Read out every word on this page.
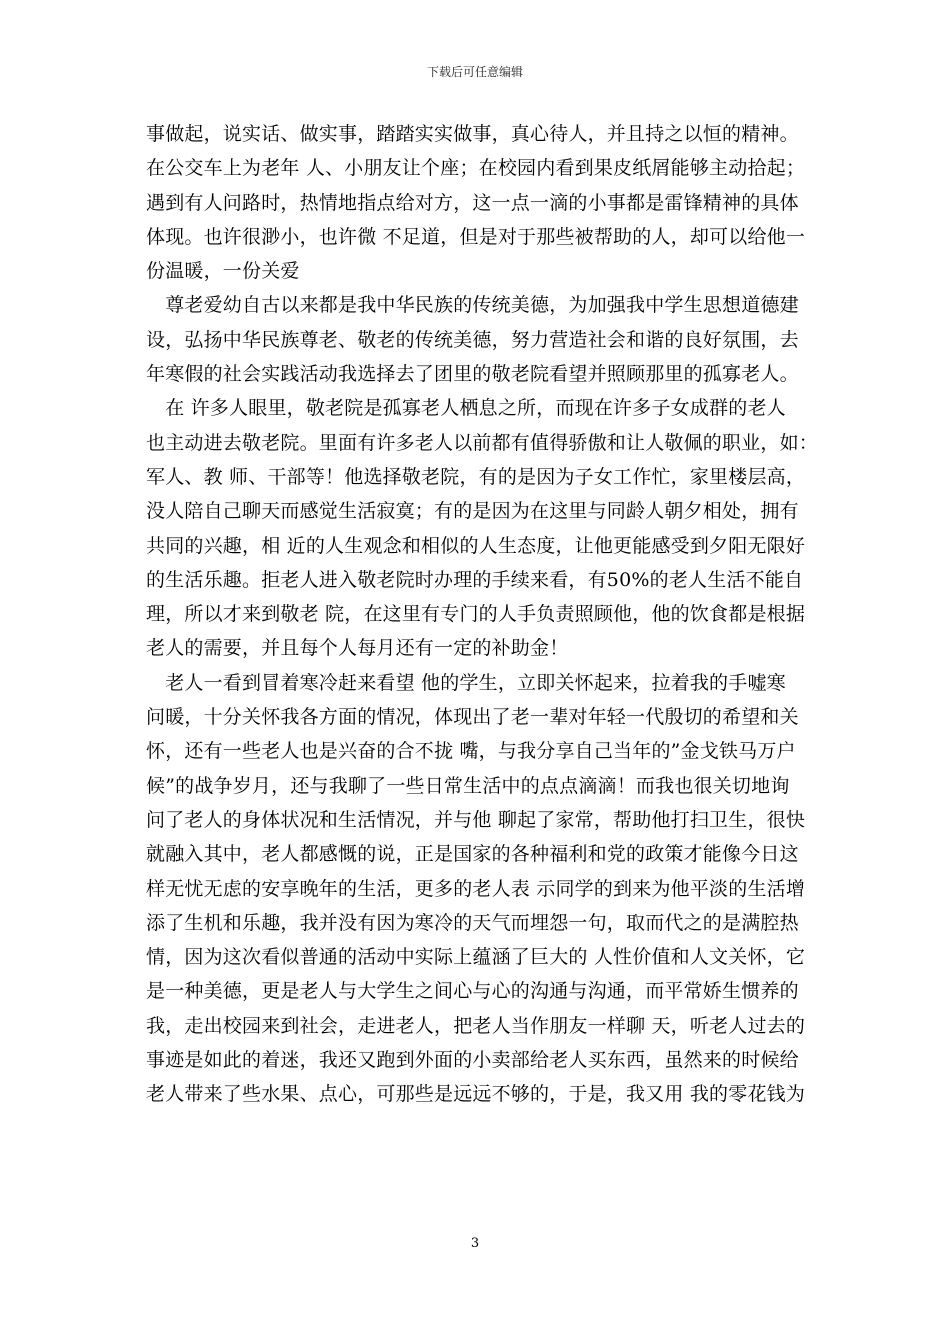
下载后可任意编辑
事做起，说实话、做实事，踏踏实实做事，真心待人，并且持之以恒的精神。
在公交车上为老年 人、小朋友让个座；在校园内看到果皮纸屑能够主动拾起；
遇到有人问路时，热情地指点给对方，这一点一滴的小事都是雷锋精神的具体
体现。也许很渺小，也许微 不足道，但是对于那些被帮助的人，却可以给他一
份温暖，一份关爱
　尊老爱幼自古以来都是我中华民族的传统美德，为加强我中学生思想道德建
设，弘扬中华民族尊老、敬老的传统美德，努力营造社会和谐的良好氛围，去
年寒假的社会实践活动我选择去了团里的敬老院看望并照顾那里的孤寡老人。
　在 许多人眼里，敬老院是孤寡老人栖息之所，而现在许多子女成群的老人
也主动进去敬老院。里面有许多老人以前都有值得骄傲和让人敬佩的职业，如：
军人、教 师、干部等！他选择敬老院，有的是因为子女工作忙，家里楼层高，
没人陪自己聊天而感觉生活寂寞；有的是因为在这里与同龄人朝夕相处，拥有
共同的兴趣，相 近的人生观念和相似的人生态度，让他更能感受到夕阳无限好
的生活乐趣。拒老人进入敬老院时办理的手续来看，有50%的老人生活不能自
理，所以才来到敬老 院，在这里有专门的人手负责照顾他，他的饮食都是根据
老人的需要，并且每个人每月还有一定的补助金！
　老人一看到冒着寒冷赶来看望 他的学生，立即关怀起来，拉着我的手嘘寒
问暖，十分关怀我各方面的情况，体现出了老一辈对年轻一代殷切的希望和关
怀，还有一些老人也是兴奋的合不拢 嘴，与我分享自己当年的”金戈铁马万户
候”的战争岁月，还与我聊了一些日常生活中的点点滴滴！而我也很关切地询
问了老人的身体状况和生活情况，并与他 聊起了家常，帮助他打扫卫生，很快
就融入其中，老人都感慨的说，正是国家的各种福利和党的政策才能像今日这
样无忧无虑的安享晚年的生活，更多的老人表 示同学的到来为他平淡的生活增
添了生机和乐趣，我并没有因为寒冷的天气而埋怨一句，取而代之的是满腔热
情，因为这次看似普通的活动中实际上蕴涵了巨大的 人性价值和人文关怀，它
是一种美德，更是老人与大学生之间心与心的沟通与沟通，而平常娇生惯养的
我，走出校园来到社会，走进老人，把老人当作朋友一样聊 天，听老人过去的
事迹是如此的着迷，我还又跑到外面的小卖部给老人买东西，虽然来的时候给
老人带来了些水果、点心，可那些是远远不够的，于是，我又用 我的零花钱为
3
